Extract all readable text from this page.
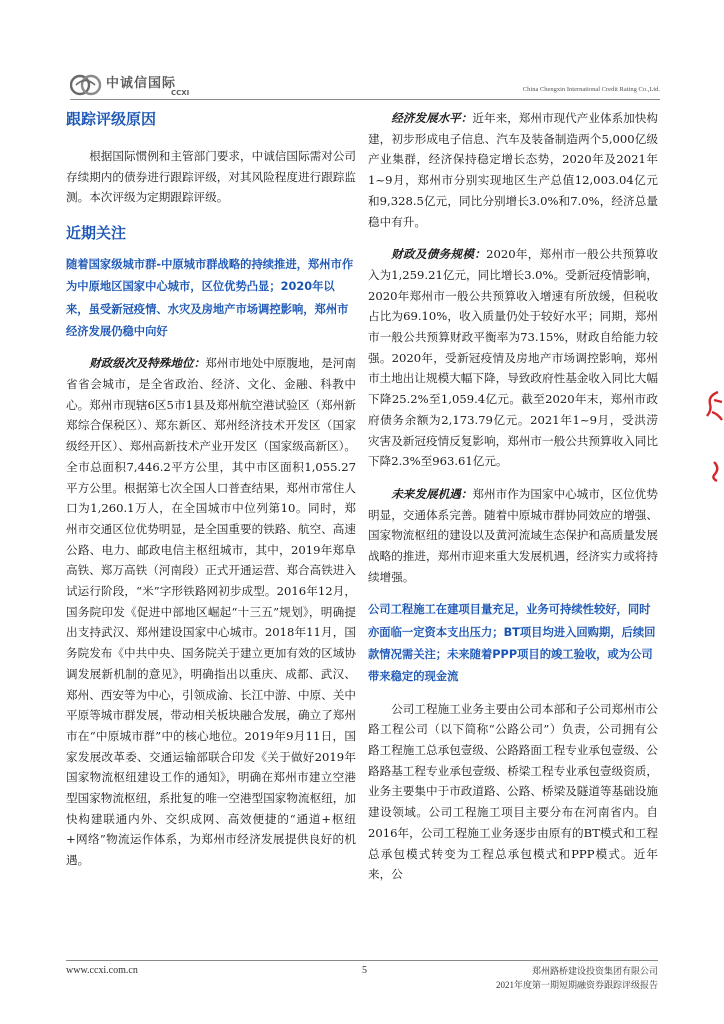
中诚信国际
CCXI	China Chengxin International Credit Rating Co.,Ltd.
跟踪评级原因

根据国际惯例和主管部门要求，中诚信国际需对公司存续期内的债券进行跟踪评级，对其风险程度进行跟踪监测。本次评级为定期跟踪评级。

近期关注
随着国家级城市群-中原城市群战略的持续推进，郑州市作为中原地区国家中心城市，区位优势凸显；2020年以来，虽受新冠疫情、水灾及房地产市场调控影响，郑州市经济发展仍稳中向好

财政级次及特殊地位：郑州市地处中原腹地，是河南省省会城市，是全省政治、经济、文化、金融、科教中心。郑州市现辖6区5市1县及郑州航空港试验区（郑州新郑综合保税区）、郑东新区、郑州经济技术开发区（国家级经开区）、郑州高新技术产业开发区（国家级高新区）。全市总面积7,446.2平方公里，其中市区面积1,055.27平方公里。根据第七次全国人口普查结果，郑州市常住人口为1,260.1万人，在全国城市中位列第10。同时，郑州市交通区位优势明显，是全国重要的铁路、航空、高速公路、电力、邮政电信主枢纽城市，其中，2019年郑阜高铁、郑万高铁（河南段）正式开通运营、郑合高铁进入试运行阶段，“米”字形铁路网初步成型。2016年12月，国务院印发《促进中部地区崛起“十三五”规划》，明确提出支持武汉、郑州建设国家中心城市。2018年11月，国务院发布《中共中央、国务院关于建立更加有效的区域协调发展新机制的意见》，明确指出以重庆、成都、武汉、郑州、西安等为中心，引领成渝、长江中游、中原、关中平原等城市群发展，带动相关板块融合发展，确立了郑州市在“中原城市群”中的核心地位。2019年9月11日，国家发展改革委、交通运输部联合印发《关于做好2019年国家物流枢纽建设工作的通知》，明确在郑州市建立空港型国家物流枢纽，系批复的唯一空港型国家物流枢纽，加快构建联通内外、交织成网、高效便捷的“通道+枢纽+网络”物流运作体系，为郑州市经济发展提供良好的机遇。

经济发展水平：近年来，郑州市现代产业体系加快构建，初步形成电子信息、汽车及装备制造两个5,000亿级产业集群，经济保持稳定增长态势，2020年及2021年1~9月，郑州市分别实现地区生产总值12,003.04亿元和9,328.5亿元，同比分别增长3.0%和7.0%，经济总量稳中有升。

财政及债务规模：2020年，郑州市一般公共预算收入为1,259.21亿元，同比增长3.0%。受新冠疫情影响，2020年郑州市一般公共预算收入增速有所放缓，但税收占比为69.10%，收入质量仍处于较好水平；同期，郑州市一般公共预算财政平衡率为73.15%，财政自给能力较强。2020年，受新冠疫情及房地产市场调控影响，郑州市土地出让规模大幅下降，导致政府性基金收入同比大幅下降25.2%至1,059.4亿元。截至2020年末，郑州市政府债务余额为2,173.79亿元。2021年1~9月，受洪涝灾害及新冠疫情反复影响，郑州市一般公共预算收入同比下降2.3%至963.61亿元。

未来发展机遇：郑州市作为国家中心城市，区位优势明显，交通体系完善。随着中原城市群协同效应的增强、国家物流枢纽的建设以及黄河流域生态保护和高质量发展战略的推进，郑州市迎来重大发展机遇，经济实力或将持续增强。

公司工程施工在建项目量充足，业务可持续性较好，同时亦面临一定资本支出压力；BT项目均进入回购期，后续回款情况需关注；未来随着PPP项目的竣工验收，或为公司带来稳定的现金流

公司工程施工业务主要由公司本部和子公司郑州市公路工程公司（以下简称“公路公司”）负责，公司拥有公路工程施工总承包壹级、公路路面工程专业承包壹级、公路路基工程专业承包壹级、桥梁工程专业承包壹级资质，业务主要集中于市政道路、公路、桥梁及隧道等基础设施建设领域。公司工程施工项目主要分布在河南省内。自2016年，公司工程施工业务逐步由原有的BT模式和工程总承包模式转变为工程总承包模式和PPP模式。近年来，公

www.ccxi.com.cn	5	郑州路桥建设投资集团有限公司
2021年度第一期短期融资券跟踪评级报告
